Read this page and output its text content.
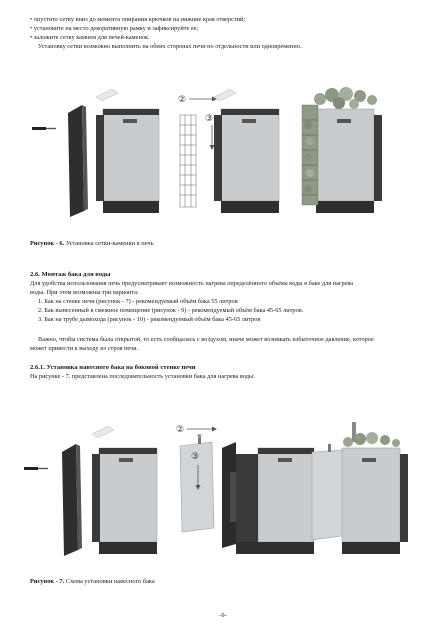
• опустите сетку вниз до момента опирания крючков на нижние края отверстий;
• установите на место декоративную рамку и зафиксируйте ее;
• заложите сетку камнем для печей-каменок.
Установку сетки возможно выполнить на обеих сторонах печи по отдельности или одновременно.
②
③
Рисунок - 6. Установка сетки-каменки в печь
2.6. Монтаж бака для воды
Для удобства использования печь предусматривает возможность нагрева определённого объёма воды в баке для нагрева
воды. При этом возможны три варианта:
1. Бак на стенке печи (рисунок - 7) - рекомендуемый объём бака 55 литров
2. Бак вынесенный в смежное помещение (рисунок - 9) - рекомендуемый объём бака 45-65 литров.
3. Бак на трубе дымохода (рисунок - 10) - рекомендуемый объём бака 45-65 литров
Важно, чтобы система была открытой, то есть сообщалась с воздухом, иначе может возникать избыточное давление, которое
может привести к выходу из строя печи.
2.6.1. Установка навесного бака на боковой стенке печи
На рисунке - 7. представлена последовательность установки бака для нагрева воды.
②
③
Рисунок - 7. Схема установки навесного бака
-9-
